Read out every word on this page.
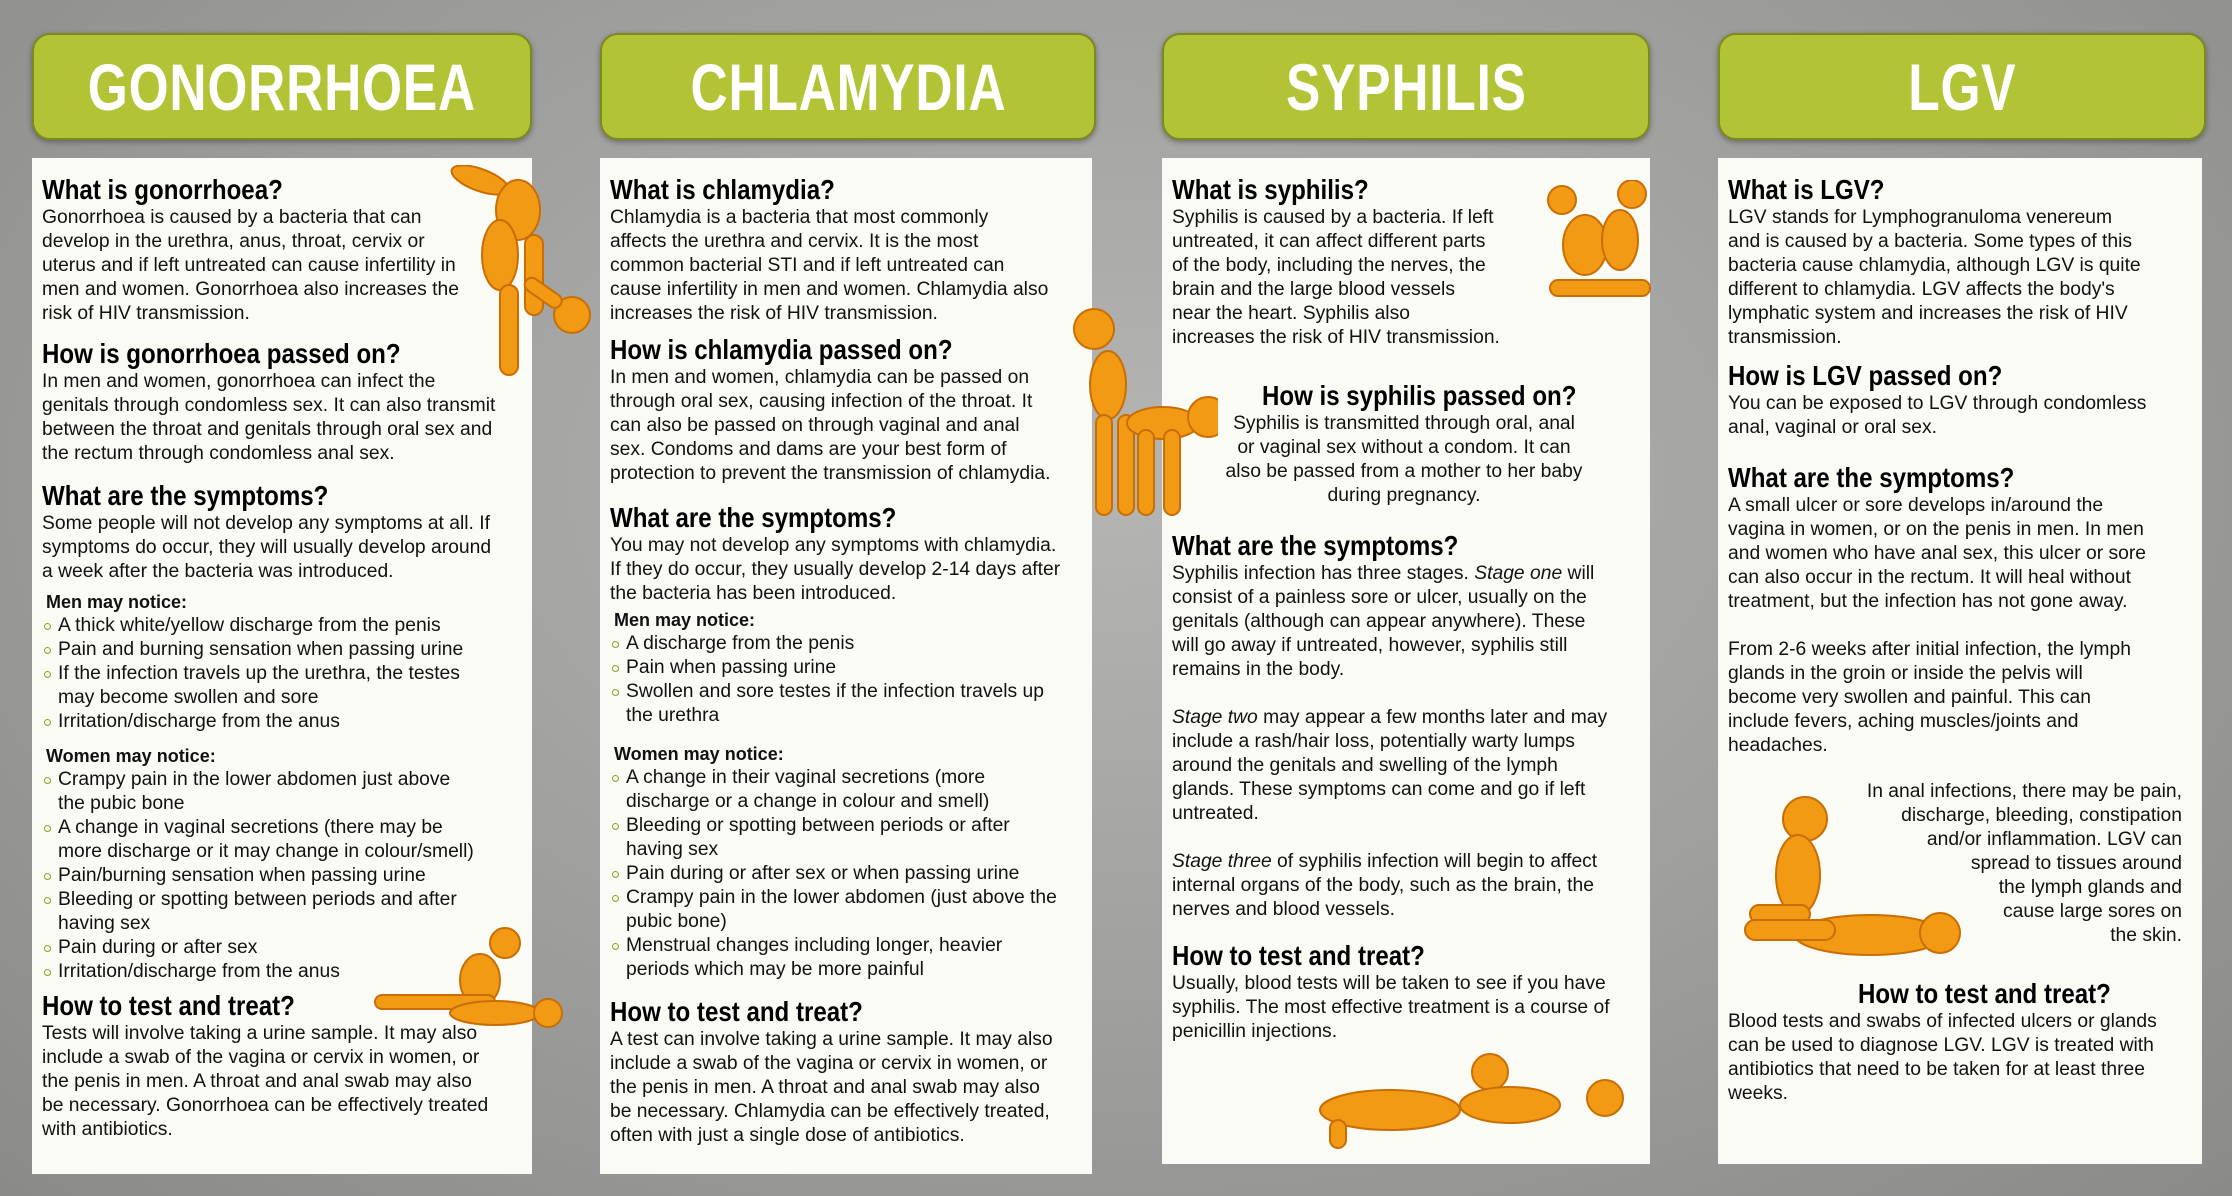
GONORRHOEA
What is gonorrhoea?

Gonorrhoea is caused by a bacteria that can
develop in the urethra, anus, throat, cervix or
uterus and if left untreated can cause infertility in
men and women. Gonorrhoea also increases the
risk of HIV transmission.

How is gonorrhoea passed on?

In men and women, gonorrhoea can infect the
genitals through condomless sex. It can also transmit
between the throat and genitals through oral sex and
the rectum through condomless anal sex.

What are the symptoms?

Some people will not develop any symptoms at all. If
symptoms do occur, they will usually develop around
a week after the bacteria was introduced.

Men may notice:
A thick white/yellow discharge from the penis
Pain and burning sensation when passing urine
If the infection travels up the urethra, the testes
may become swollen and sore
Irritation/discharge from the anus
Women may notice:
Crampy pain in the lower abdomen just above
the pubic bone
A change in vaginal secretions (there may be
more discharge or it may change in colour/smell)
Pain/burning sensation when passing urine
Bleeding or spotting between periods and after
having sex
Pain during or after sex
Irritation/discharge from the anus
How to test and treat?

Tests will involve taking a urine sample. It may also
include a swab of the vagina or cervix in women, or
the penis in men. A throat and anal swab may also
be necessary. Gonorrhoea can be effectively treated
with antibiotics.

CHLAMYDIA
What is chlamydia?

Chlamydia is a bacteria that most commonly
affects the urethra and cervix. It is the most
common bacterial STI and if left untreated can
cause infertility in men and women. Chlamydia also
increases the risk of HIV transmission.

How is chlamydia passed on?

In men and women, chlamydia can be passed on
through oral sex, causing infection of the throat. It
can also be passed on through vaginal and anal
sex. Condoms and dams are your best form of
protection to prevent the transmission of chlamydia.

What are the symptoms?

You may not develop any symptoms with chlamydia.
If they do occur, they usually develop 2-14 days after
the bacteria has been introduced.

Men may notice:
A discharge from the penis
Pain when passing urine
Swollen and sore testes if the infection travels up
the urethra
Women may notice:
A change in their vaginal secretions (more
discharge or a change in colour and smell)
Bleeding or spotting between periods or after
having sex
Pain during or after sex or when passing urine
Crampy pain in the lower abdomen (just above the
pubic bone)
Menstrual changes including longer, heavier
periods which may be more painful
How to test and treat?

A test can involve taking a urine sample. It may also
include a swab of the vagina or cervix in women, or
the penis in men. A throat and anal swab may also
be necessary. Chlamydia can be effectively treated,
often with just a single dose of antibiotics.

SYPHILIS
What is syphilis?

Syphilis is caused by a bacteria. If left
untreated, it can affect different parts
of the body, including the nerves, the
brain and the large blood vessels
near the heart. Syphilis also
increases the risk of HIV transmission.

How is syphilis passed on?

Syphilis is transmitted through oral, anal
or vaginal sex without a condom. It can
also be passed from a mother to her baby
during pregnancy.

What are the symptoms?

Syphilis infection has three stages. Stage one will
consist of a painless sore or ulcer, usually on the
genitals (although can appear anywhere). These
will go away if untreated, however, syphilis still
remains in the body.

Stage two may appear a few months later and may
include a rash/hair loss, potentially warty lumps
around the genitals and swelling of the lymph
glands. These symptoms can come and go if left
untreated.

Stage three of syphilis infection will begin to affect
internal organs of the body, such as the brain, the
nerves and blood vessels.

How to test and treat?

Usually, blood tests will be taken to see if you have
syphilis. The most effective treatment is a course of
penicillin injections.

LGV
What is LGV?

LGV stands for Lymphogranuloma venereum
and is caused by a bacteria. Some types of this
bacteria cause chlamydia, although LGV is quite
different to chlamydia. LGV affects the body's
lymphatic system and increases the risk of HIV
transmission.

How is LGV passed on?

You can be exposed to LGV through condomless
anal, vaginal or oral sex.

What are the symptoms?

A small ulcer or sore develops in/around the
vagina in women, or on the penis in men. In men
and women who have anal sex, this ulcer or sore
can also occur in the rectum. It will heal without
treatment, but the infection has not gone away.

From 2-6 weeks after initial infection, the lymph
glands in the groin or inside the pelvis will
become very swollen and painful. This can
include fevers, aching muscles/joints and
headaches.

In anal infections, there may be pain,
discharge, bleeding, constipation
and/or inflammation. LGV can
spread to tissues around
the lymph glands and
cause large sores on
the skin.

How to test and treat?

Blood tests and swabs of infected ulcers or glands
can be used to diagnose LGV. LGV is treated with
antibiotics that need to be taken for at least three
weeks.
